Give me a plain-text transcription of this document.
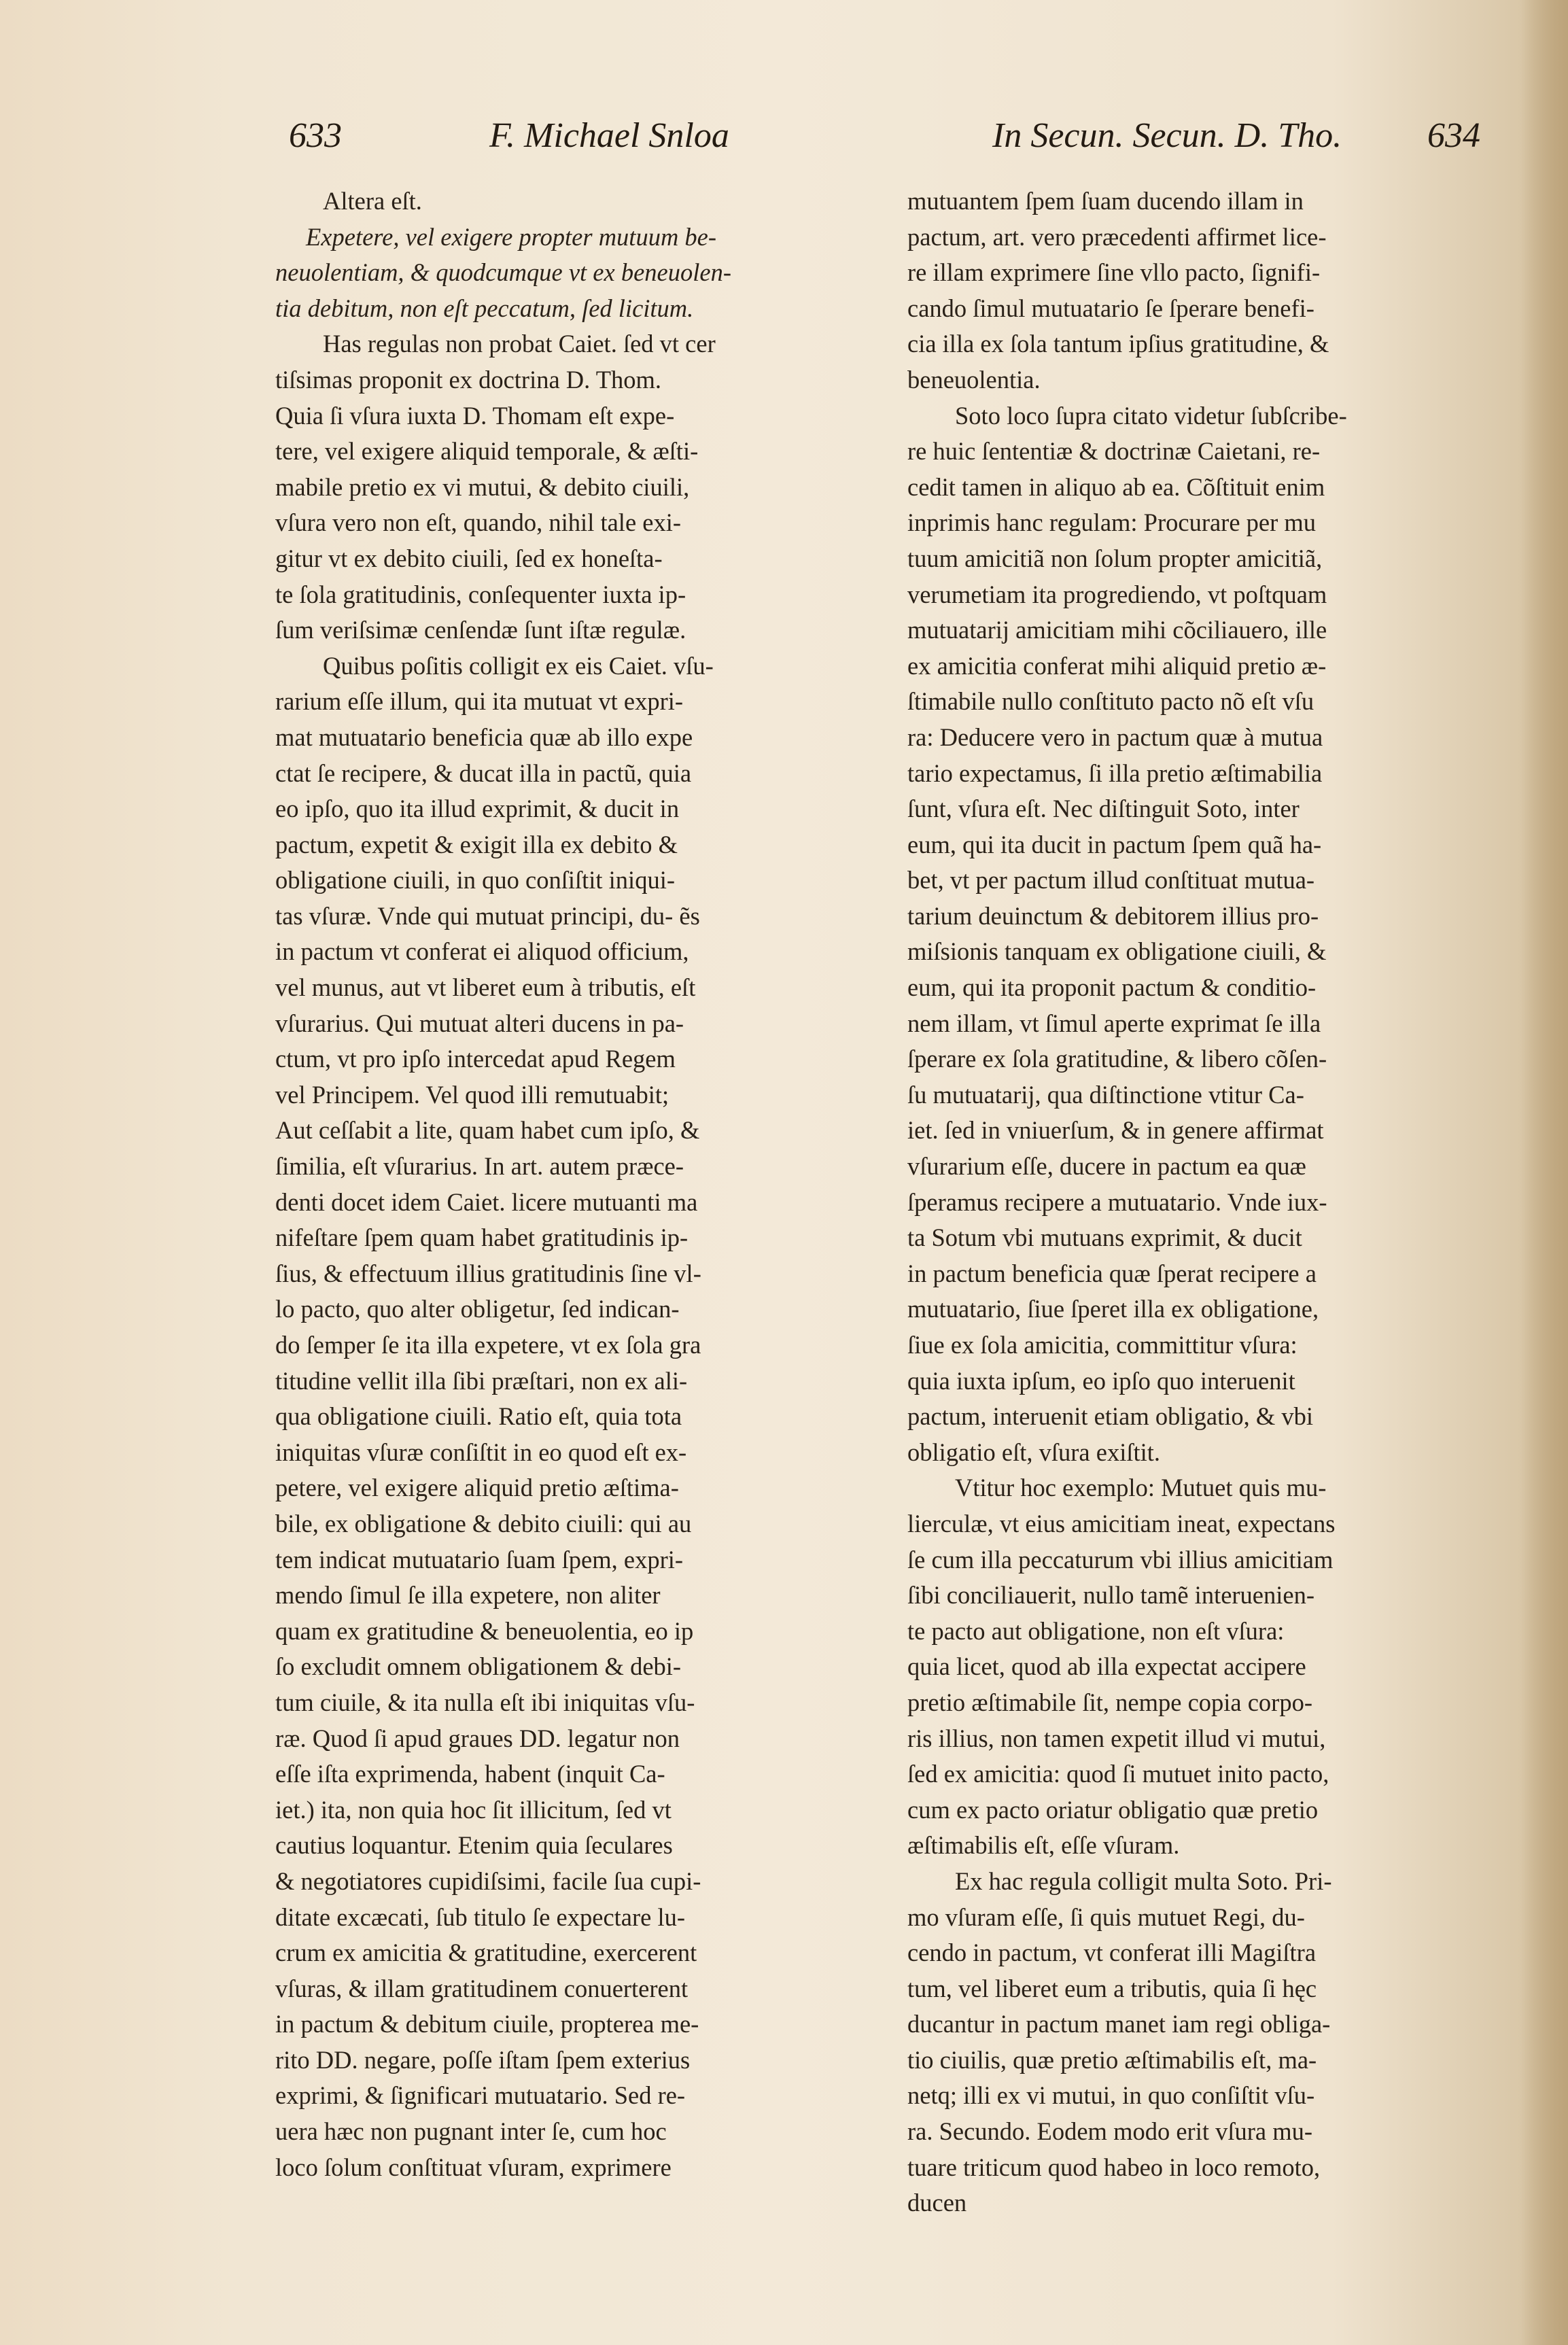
633	F. Michael Snloa	In Secun. Secun. D. Tho. 634
Altera eſt.
Expetere, vel exigere propter mutuum be-
neuolentiam, & quodcumque vt ex beneuolen-
tia debitum, non eſt peccatum, ſed licitum.
Has regulas non probat Caiet. ſed vt cer
tiſsimas proponit ex doctrina D. Thom.
Quia ſi vſura iuxta D. Thomam eſt expe-
tere, vel exigere aliquid temporale, & æſti-
mabile pretio ex vi mutui, & debito ciuili,
vſura vero non eſt, quando, nihil tale exi-
gitur vt ex debito ciuili, ſed ex honeſta-
te ſola gratitudinis, conſequenter iuxta ip-
ſum veriſsimæ cenſendæ ſunt iſtæ regulæ.
Quibus poſitis colligit ex eis Caiet. vſu-
rarium eſſe illum, qui ita mutuat vt expri-
mat mutuatario beneficia quæ ab illo expe
ctat ſe recipere, & ducat illa in pactũ, quia
eo ipſo, quo ita illud exprimit, & ducit in
pactum, expetit & exigit illa ex debito &
obligatione ciuili, in quo conſiſtit iniqui-
tas vſuræ. Vnde qui mutuat principi, du- ẽs
in pactum vt conferat ei aliquod officium,
vel munus, aut vt liberet eum à tributis, eſt
vſurarius. Qui mutuat alteri ducens in pa-
ctum, vt pro ipſo intercedat apud Regem
vel Principem. Vel quod illi remutuabit;
Aut ceſſabit a lite, quam habet cum ipſo, &
ſimilia, eſt vſurarius. In art. autem præce-
denti docet idem Caiet. licere mutuanti ma
nifeſtare ſpem quam habet gratitudinis ip-
ſius, & effectuum illius gratitudinis ſine vl-
lo pacto, quo alter obligetur, ſed indican-
do ſemper ſe ita illa expetere, vt ex ſola gra
titudine vellit illa ſibi præſtari, non ex ali-
qua obligatione ciuili. Ratio eſt, quia tota
iniquitas vſuræ conſiſtit in eo quod eſt ex-
petere, vel exigere aliquid pretio æſtima-
bile, ex obligatione & debito ciuili: qui au
tem indicat mutuatario ſuam ſpem, expri-
mendo ſimul ſe illa expetere, non aliter
quam ex gratitudine & beneuolentia, eo ip
ſo excludit omnem obligationem & debi-
tum ciuile, & ita nulla eſt ibi iniquitas vſu-
ræ. Quod ſi apud graues DD. legatur non
eſſe iſta exprimenda, habent (inquit Ca-
iet.) ita, non quia hoc ſit illicitum, ſed vt
cautius loquantur. Etenim quia ſeculares
& negotiatores cupidiſsimi, facile ſua cupi-
ditate excæcati, ſub titulo ſe expectare lu-
crum ex amicitia & gratitudine, exercerent
vſuras, & illam gratitudinem conuerterent
in pactum & debitum ciuile, propterea me-
rito DD. negare, poſſe iſtam ſpem exterius
exprimi, & ſignificari mutuatario. Sed re-
uera hæc non pugnant inter ſe, cum hoc
loco ſolum conſtituat vſuram, exprimere
mutuantem ſpem ſuam ducendo illam in
pactum, art. vero præcedenti affirmet lice-
re illam exprimere ſine vllo pacto, ſignifi-
cando ſimul mutuatario ſe ſperare benefi-
cia illa ex ſola tantum ipſius gratitudine, &
beneuolentia.
Soto loco ſupra citato videtur ſubſcribe-
re huic ſententiæ & doctrinæ Caietani, re-
cedit tamen in aliquo ab ea. Cõſtituit enim
inprimis hanc regulam: Procurare per mu
tuum amicitiã non ſolum propter amicitiã,
verumetiam ita progrediendo, vt poſtquam
mutuatarij amicitiam mihi cõciliauero, ille
ex amicitia conferat mihi aliquid pretio æ-
ſtimabile nullo conſtituto pacto nõ eſt vſu
ra: Deducere vero in pactum quæ à mutua
tario expectamus, ſi illa pretio æſtimabilia
ſunt, vſura eſt. Nec diſtinguit Soto, inter
eum, qui ita ducit in pactum ſpem quã ha-
bet, vt per pactum illud conſtituat mutua-
tarium deuinctum & debitorem illius pro-
miſsionis tanquam ex obligatione ciuili, &
eum, qui ita proponit pactum & conditio-
nem illam, vt ſimul aperte exprimat ſe illa
ſperare ex ſola gratitudine, & libero cõſen-
ſu mutuatarij, qua diſtinctione vtitur Ca-
iet. ſed in vniuerſum, & in genere affirmat
vſurarium eſſe, ducere in pactum ea quæ
ſperamus recipere a mutuatario. Vnde iux-
ta Sotum vbi mutuans exprimit, & ducit
in pactum beneficia quæ ſperat recipere a
mutuatario, ſiue ſperet illa ex obligatione,
ſiue ex ſola amicitia, committitur vſura:
quia iuxta ipſum, eo ipſo quo interuenit
pactum, interuenit etiam obligatio, & vbi
obligatio eſt, vſura exiſtit.
Vtitur hoc exemplo: Mutuet quis mu-
lierculæ, vt eius amicitiam ineat, expectans
ſe cum illa peccaturum vbi illius amicitiam
ſibi conciliauerit, nullo tamẽ interuenien-
te pacto aut obligatione, non eſt vſura:
quia licet, quod ab illa expectat accipere
pretio æſtimabile ſit, nempe copia corpo-
ris illius, non tamen expetit illud vi mutui,
ſed ex amicitia: quod ſi mutuet inito pacto,
cum ex pacto oriatur obligatio quæ pretio
æſtimabilis eſt, eſſe vſuram.
Ex hac regula colligit multa Soto. Pri-
mo vſuram eſſe, ſi quis mutuet Regi, du-
cendo in pactum, vt conferat illi Magiſtra
tum, vel liberet eum a tributis, quia ſi hęc
ducantur in pactum manet iam regi obliga-
tio ciuilis, quæ pretio æſtimabilis eſt, ma-
netq; illi ex vi mutui, in quo conſiſtit vſu-
ra. Secundo. Eodem modo erit vſura mu-
tuare triticum quod habeo in loco remoto,
ducen
